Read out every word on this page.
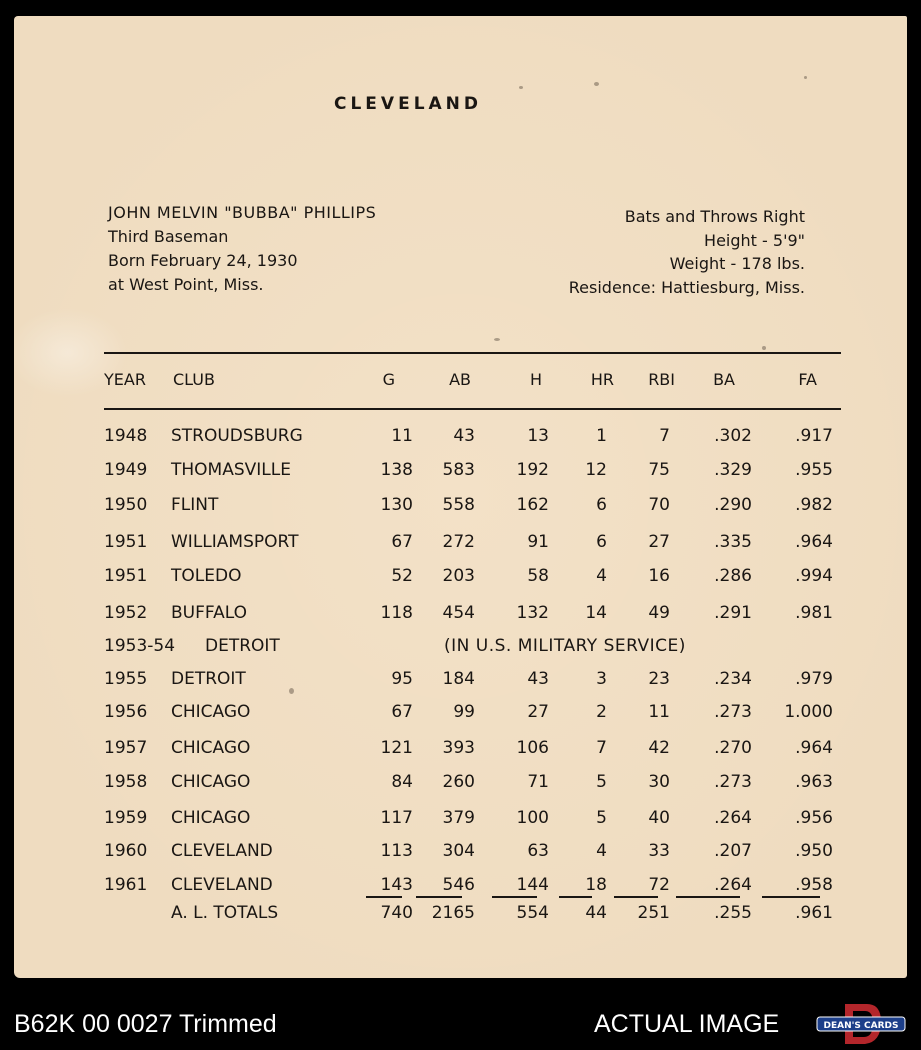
CLEVELAND
JOHN MELVIN "BUBBA" PHILLIPS
Third Baseman
Born February 24, 1930
at West Point, Miss.
Bats and Throws Right
Height - 5'9"
Weight - 178 lbs.
Residence: Hattiesburg, Miss.
YEAR CLUB	G	AB	H	HR RBI BA	FA
1948 STROUDSBURG	11 43	13	1	7	.302	.917
1949 THOMASVILLE	138 583 192 12 75	.329	.955
1950 FLINT	130 558 162	6 70	.290	.982
1951 WILLIAMSPORT	67 272	91	6 27	.335	.964
1951 TOLEDO	52 203	58	4 16	.286	.994
1952 BUFFALO	118 454 132 14 49	.291	.981
1953-54 DETROIT	(IN U.S. MILITARY SERVICE)
1955 DETROIT	95 184	43	3 23	.234	.979
1956 CHICAGO	67 99	27	2 11	.273 1.000
1957 CHICAGO	121 393 106	7 42	.270	.964
1958 CHICAGO	84 260	71	5 30	.273	.963
1959 CHICAGO	117 379 100	5 40	.264	.956
1960 CLEVELAND	113 304	63	4 33	.207	.950
1961 CLEVELAND	143 546 144 18 72	.264	.958
A. L. TOTALS	740 2165 554 44 251	.255	.961
B62K 00 0027 Trimmed	ACTUAL IMAGE	DEAN'S CARDS
